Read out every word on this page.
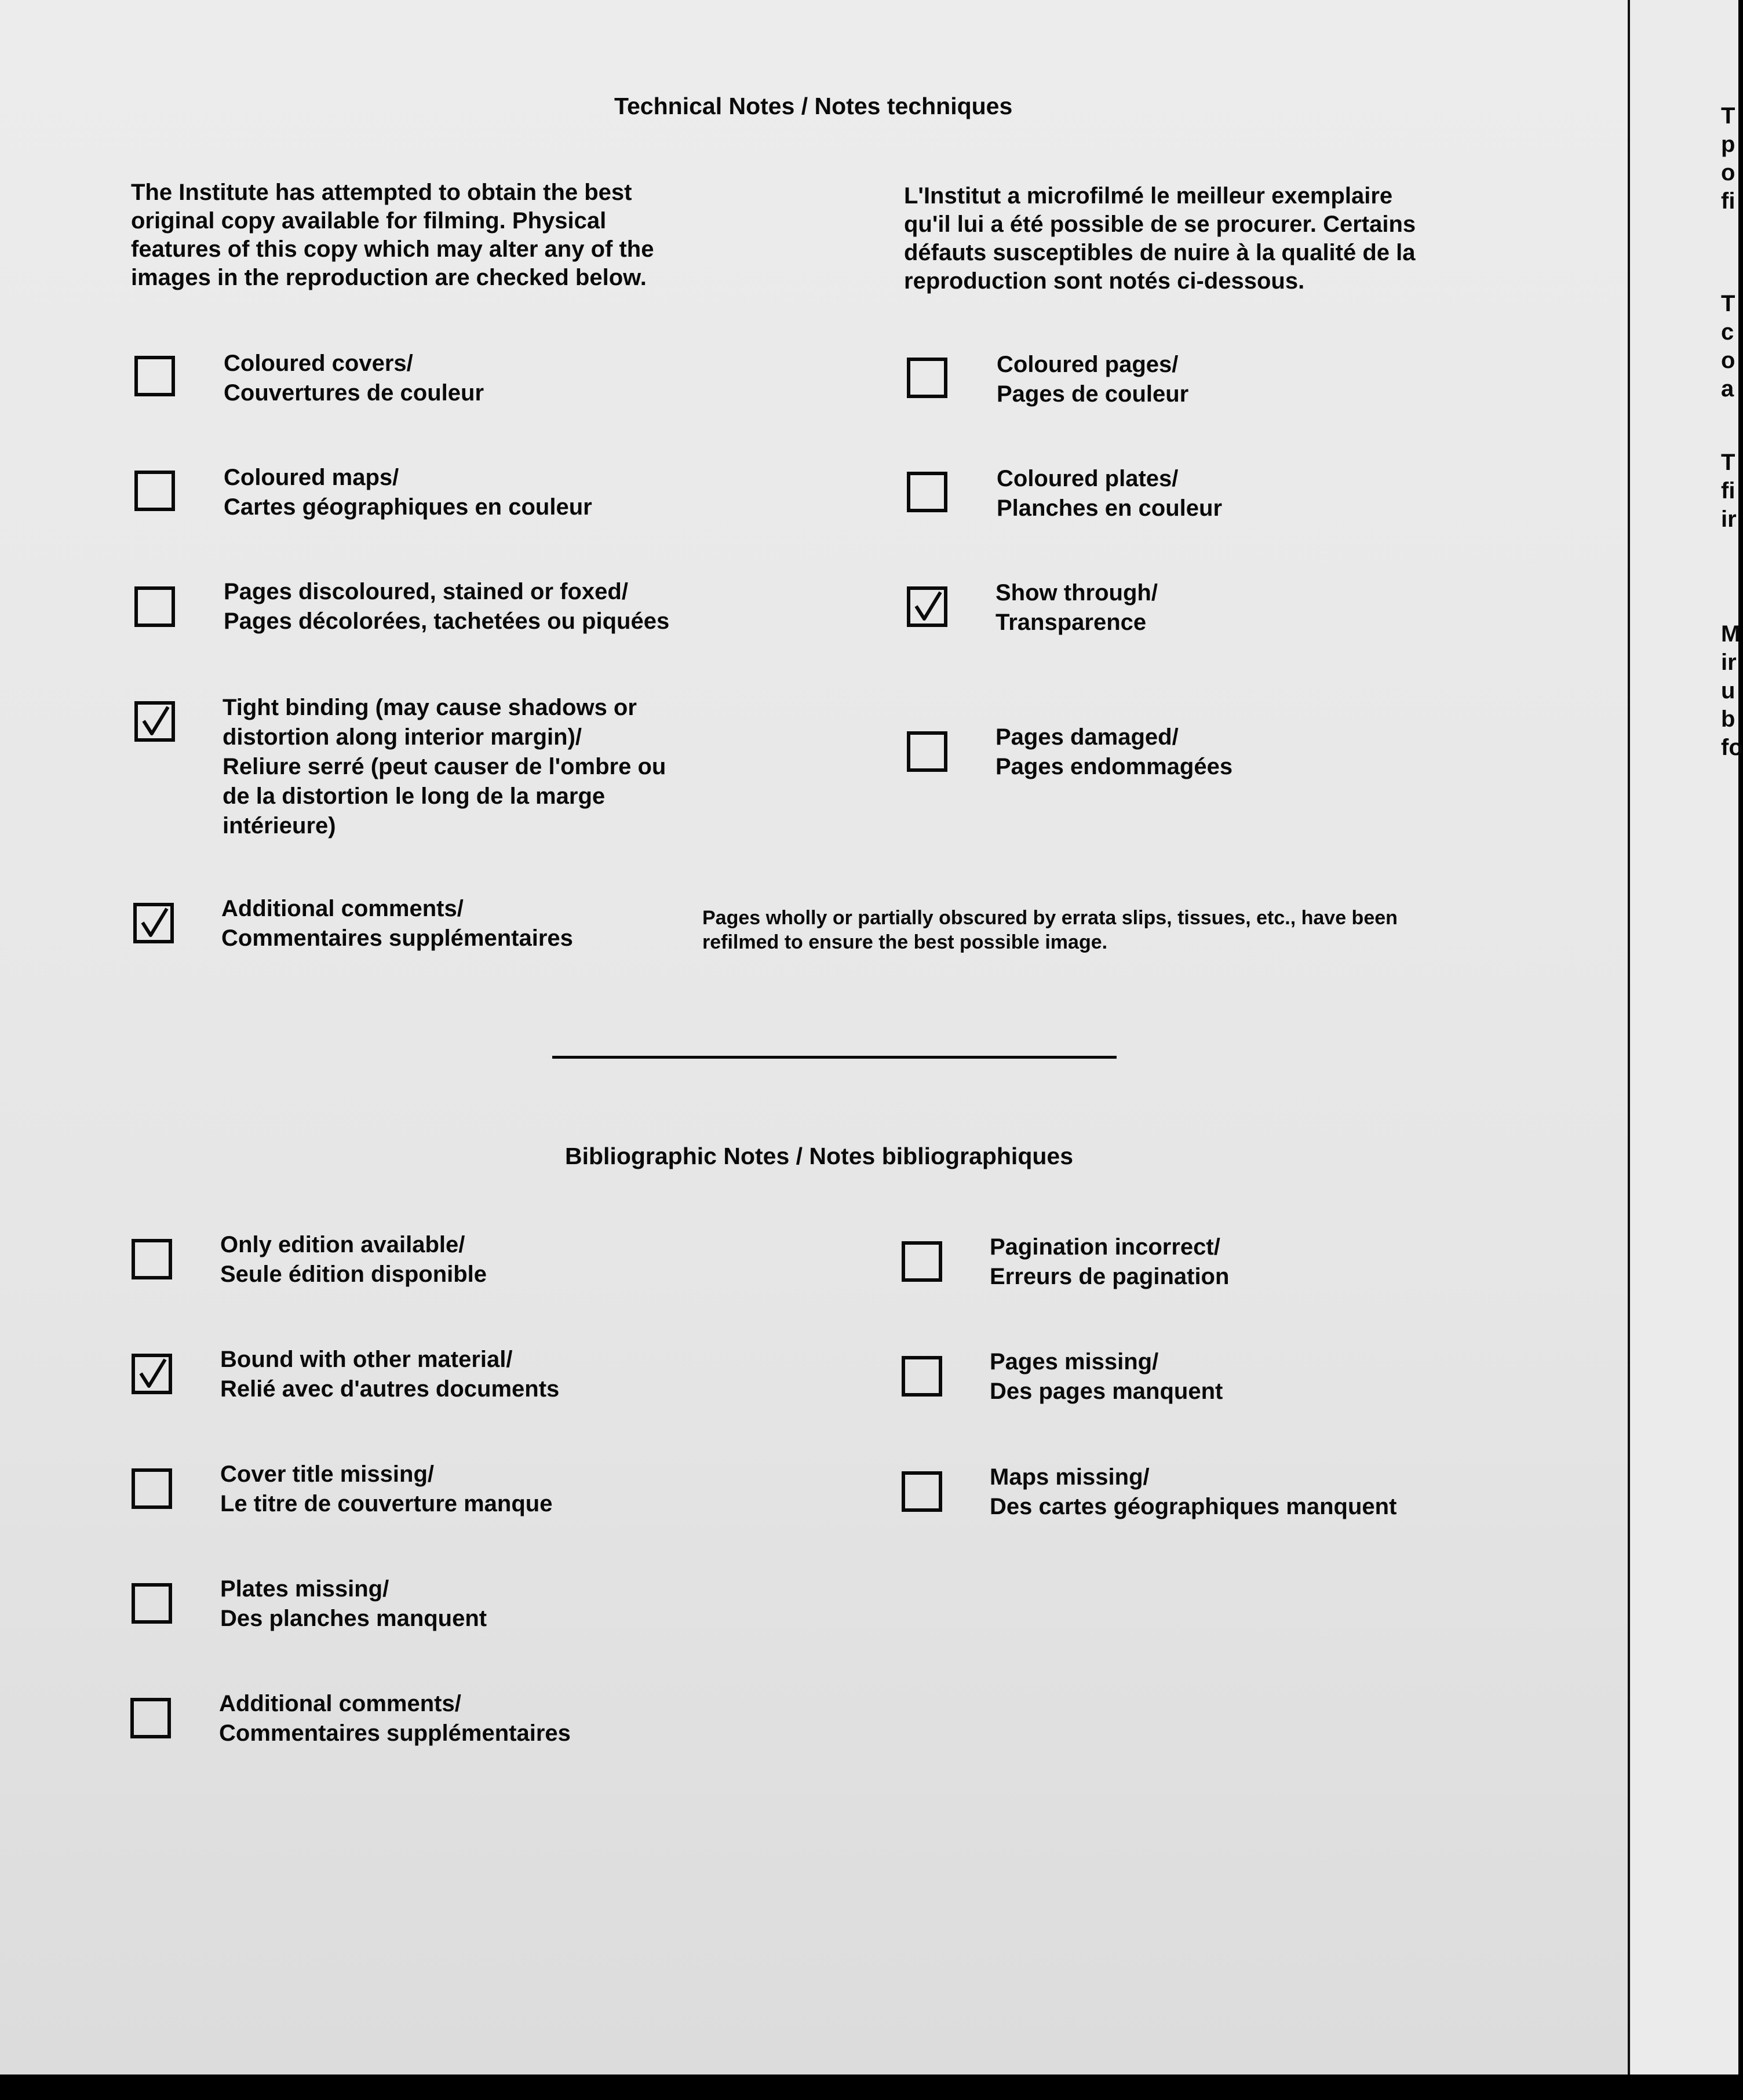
Technical Notes / Notes techniques
The Institute has attempted to obtain the best
original copy available for filming. Physical
features of this copy which may alter any of the
images in the reproduction are checked below.
L'Institut a microfilmé le meilleur exemplaire
qu'il lui a été possible de se procurer. Certains
défauts susceptibles de nuire à la qualité de la
reproduction sont notés ci-dessous.
Coloured covers/
Couvertures de couleur
Coloured pages/
Pages de couleur
Coloured maps/
Cartes géographiques en couleur
Coloured plates/
Planches en couleur
Pages discoloured, stained or foxed/
Pages décolorées, tachetées ou piquées
Show through/
Transparence
Tight binding (may cause shadows or
distortion along interior margin)/
Reliure serré (peut causer de l'ombre ou
de la distortion le long de la marge
intérieure)
Pages damaged/
Pages endommagées
Additional comments/
Commentaires supplémentaires
Pages wholly or partially obscured by errata slips, tissues, etc., have been
refilmed to ensure the best possible image.
Bibliographic Notes / Notes bibliographiques
Only edition available/
Seule édition disponible
Pagination incorrect/
Erreurs de pagination
Bound with other material/
Relié avec d'autres documents
Pages missing/
Des pages manquent
Cover title missing/
Le titre de couverture manque
Maps missing/
Des cartes géographiques manquent
Plates missing/
Des planches manquent
Additional comments/
Commentaires supplémentaires
T
p
o
fi
T
c
o
a
T
fi
ir
M
ir
u
b
fo
